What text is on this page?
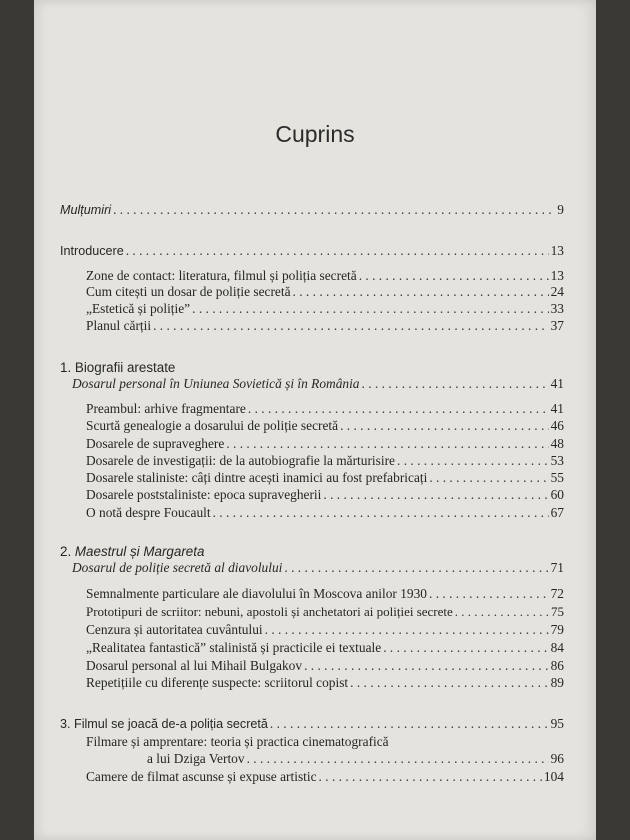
Cuprins
Mulțumiri . . .	9
Introducere . . .	13
Zone de contact: literatura, filmul și poliția secretă . . .	13
Cum citești un dosar de poliție secretă . . .	24
„Estetică și poliție” . . .	33
Planul cărții . . .	37
1. Biografii arestate
Dosarul personal în Uniunea Sovietică și în România . . .	41
Preambul: arhive fragmentare . . .	41
Scurtă genealogie a dosarului de poliție secretă . . .	46
Dosarele de supraveghere . . .	48
Dosarele de investigații: de la autobiografie la mărturisire . . .	53
Dosarele staliniste: câți dintre acești inamici au fost prefabricați . . .	55
Dosarele poststaliniste: epoca supravegherii . . .	60
O notă despre Foucault . . .	67
2. Maestrul și Margareta
Dosarul de poliție secretă al diavolului . . .	71
Semnalmente particulare ale diavolului în Moscova anilor 1930 . . .	72
Prototipuri de scriitor: nebuni, apostoli și anchetatori ai poliției secrete . . .	75
Cenzura și autoritatea cuvântului . . .	79
„Realitatea fantastică” stalinistă și practicile ei textuale . . .	84
Dosarul personal al lui Mihail Bulgakov . . .	86
Repetițiile cu diferențe suspecte: scriitorul copist . . .	89
3. Filmul se joacă de-a poliția secretă . . .	95
Filmare și amprentare: teoria și practica cinematografică
a lui Dziga Vertov . . .	96
Camere de filmat ascunse și expuse artistic . . .	104
